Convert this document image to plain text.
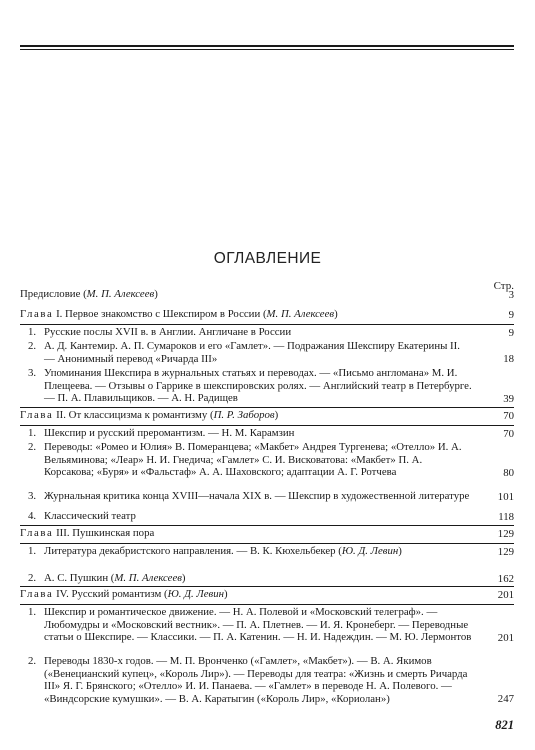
ОГЛАВЛЕНИЕ
Стр.
Предисловие (М. П. Алексеев)	3
Глава I. Первое знакомство с Шекспиром в России (М. П. Алексеев)	9
1. Русские послы XVII в. в Англии. Англичане в России	9
2. А. Д. Кантемир. А. П. Сумароков и его «Гамлет». — Подражания Шекспиру Екатерины II. — Анонимный перевод «Ричарда III»	18
3. Упоминания Шекспира в журнальных статьях и переводах. — «Письмо англомана» М. И. Плещеева. — Отзывы о Гаррике в шекспировских ролях. — Английский театр в Петербурге. — П. А. Плавильщиков. — А. Н. Радищев	39
Глава II. От классицизма к романтизму (П. Р. Заборов)	70
1. Шекспир и русский преромантизм. — Н. М. Карамзин	70
2. Переводы: «Ромео и Юлия» В. Померанцева; «Макбет» Андрея Тургенева; «Отелло» И. А. Вельяминова; «Леар» Н. И. Гнедича; «Гамлет» С. И. Висковатова: «Макбет» П. А. Корсакова; «Буря» и «Фальстаф» А. А. Шаховского; адаптации А. Г. Ротчева	80
3. Журнальная критика конца XVIII—начала XIX в. — Шекспир в художественной литературе	101
4. Классический театр	118
Глава III. Пушкинская пора	129
1. Литература декабристского направления. — В. К. Кюхельбекер (Ю. Д. Левин)	129
2. А. С. Пушкин (М. П. Алексеев)	162
Глава IV. Русский романтизм (Ю. Д. Левин)	201
1. Шекспир и романтическое движение. — Н. А. Полевой и «Московский телеграф». — Любомудры и «Московский вестник». — П. А. Плетнев. — И. Я. Кронеберг. — Переводные статьи о Шекспире. — Классики. — П. А. Катенин. — Н. И. Надеждин. — М. Ю. Лермонтов	201
2. Переводы 1830-х годов. — М. П. Вронченко («Гамлет», «Макбет»). — В. А. Якимов («Венецианский купец», «Король Лир»). — Переводы для театра: «Жизнь и смерть Ричарда III» Я. Г. Брянского; «Отелло» И. И. Панаева. — «Гамлет» в переводе Н. А. Полевого. — «Виндсорские кумушки». — В. А. Каратыгин («Король Лир», «Кориолан»)	247
821
